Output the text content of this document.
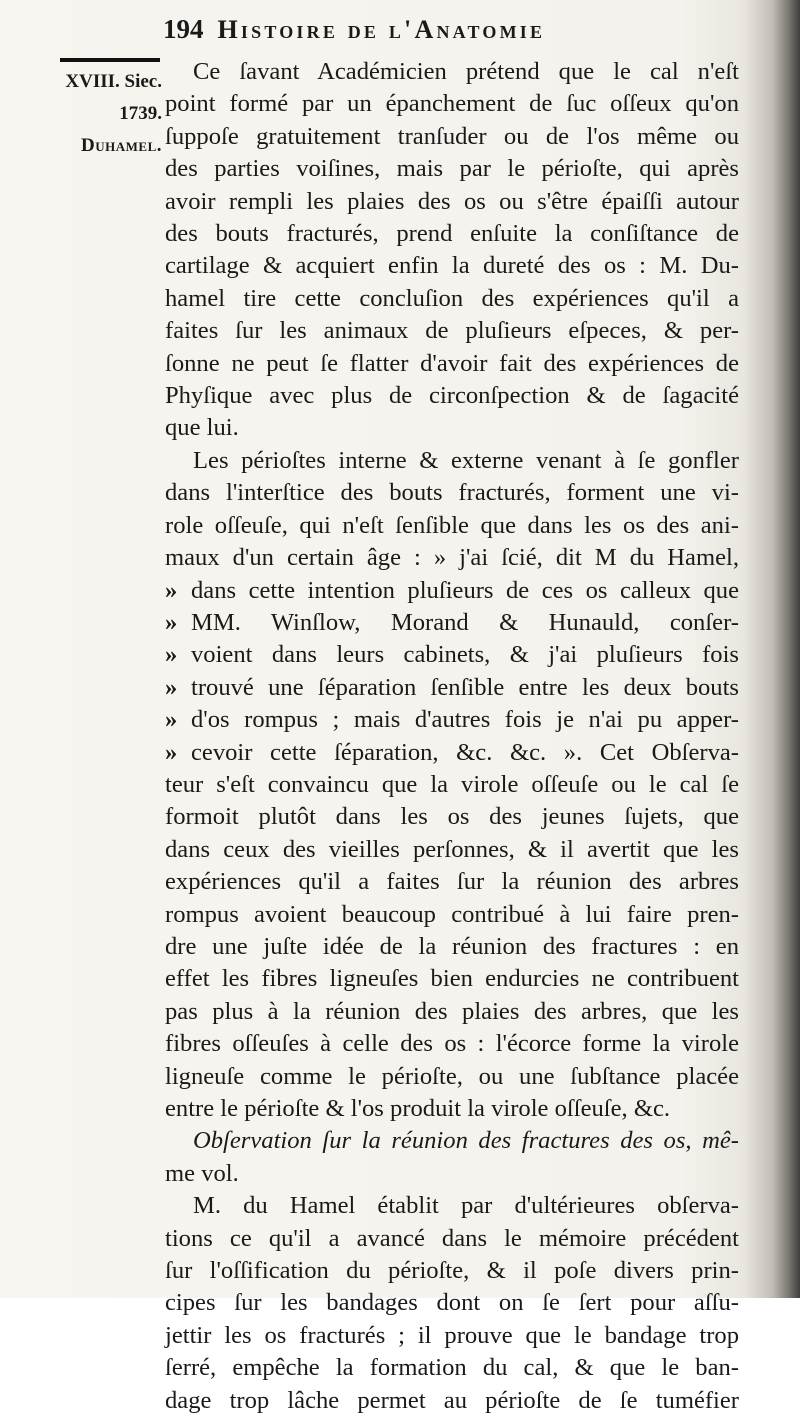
194 Histoire de l'Anatomie
XVIII. Siec.
1739.
Duhamel.
Ce ſavant Académicien prétend que le cal n'eſt
point formé par un épanchement de ſuc oſſeux qu'on
ſuppoſe gratuitement tranſuder ou de l'os même ou
des parties voiſines, mais par le périoſte, qui après
avoir rempli les plaies des os ou s'être épaiſſi autour
des bouts fracturés, prend enſuite la conſiſtance de
cartilage & acquiert enfin la dureté des os : M. Du-
hamel tire cette concluſion des expériences qu'il a
faites ſur les animaux de pluſieurs eſpeces, & per-
ſonne ne peut ſe flatter d'avoir fait des expériences de
Phyſique avec plus de circonſpection & de ſagacité
que lui.
Les périoſtes interne & externe venant à ſe gonfler
dans l'interſtice des bouts fracturés, forment une vi-
role oſſeuſe, qui n'eſt ſenſible que dans les os des ani-
maux d'un certain âge : » j'ai ſcié, dit M du Hamel,
» dans cette intention pluſieurs de ces os calleux que
» MM. Winſlow, Morand & Hunauld, conſer-
» voient dans leurs cabinets, & j'ai pluſieurs fois
» trouvé une ſéparation ſenſible entre les deux bouts
» d'os rompus ; mais d'autres fois je n'ai pu apper-
» cevoir cette ſéparation, &c. &c. ». Cet Obſerva-
teur s'eſt convaincu que la virole oſſeuſe ou le cal ſe
formoit plutôt dans les os des jeunes ſujets, que
dans ceux des vieilles perſonnes, & il avertit que les
expériences qu'il a faites ſur la réunion des arbres
rompus avoient beaucoup contribué à lui faire pren-
dre une juſte idée de la réunion des fractures : en
effet les fibres ligneuſes bien endurcies ne contribuent
pas plus à la réunion des plaies des arbres, que les
fibres oſſeuſes à celle des os : l'écorce forme la virole
ligneuſe comme le périoſte, ou une ſubſtance placée
entre le périoſte & l'os produit la virole oſſeuſe, &c.
Obſervation ſur la réunion des fractures des os, mê-
me vol.
M. du Hamel établit par d'ultérieures obſerva-
tions ce qu'il a avancé dans le mémoire précédent
ſur l'oſſification du périoſte, & il poſe divers prin-
cipes ſur les bandages dont on ſe ſert pour aſſu-
jettir les os fracturés ; il prouve que le bandage trop
ſerré, empêche la formation du cal, & que le ban-
dage trop lâche permet au périoſte de ſe tuméfier
